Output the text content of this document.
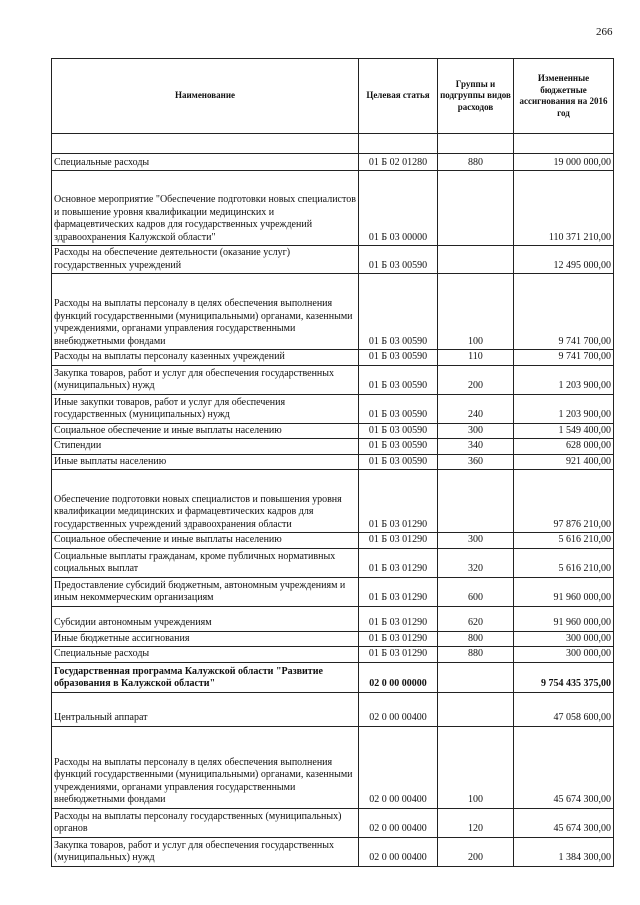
266
Наименование	Целевая статья	Группы и подгруппы видов расходов	Измененные бюджетные ассигнования на 2016 год

Специальные расходы	01 Б 02 01280	880	19 000 000,00
Основное мероприятие "Обеспечение подготовки новых специалистов и повышение уровня квалификации медицинских и фармацевтических кадров для государственных учреждений здравоохранения Калужской области"	01 Б 03 00000		110 371 210,00
Расходы на обеспечение деятельности (оказание услуг) государственных учреждений	01 Б 03 00590		12 495 000,00
Расходы на выплаты персоналу в целях обеспечения выполнения функций государственными (муниципальными) органами, казенными учреждениями, органами управления государственными внебюджетными фондами	01 Б 03 00590	100	9 741 700,00
Расходы на выплаты персоналу казенных учреждений	01 Б 03 00590	110	9 741 700,00
Закупка товаров, работ и услуг для обеспечения государственных (муниципальных) нужд	01 Б 03 00590	200	1 203 900,00
Иные закупки товаров, работ и услуг для обеспечения государственных (муниципальных) нужд	01 Б 03 00590	240	1 203 900,00
Социальное обеспечение и иные выплаты населению	01 Б 03 00590	300	1 549 400,00
Стипендии	01 Б 03 00590	340	628 000,00
Иные выплаты населению	01 Б 03 00590	360	921 400,00
Обеспечение подготовки новых специалистов и повышения уровня квалификации медицинских и фармацевтических кадров для государственных учреждений здравоохранения области	01 Б 03 01290		97 876 210,00
Социальное обеспечение и иные выплаты населению	01 Б 03 01290	300	5 616 210,00
Социальные выплаты гражданам, кроме публичных нормативных социальных выплат	01 Б 03 01290	320	5 616 210,00
Предоставление субсидий бюджетным, автономным учреждениям и иным некоммерческим организациям	01 Б 03 01290	600	91 960 000,00
Субсидии автономным учреждениям	01 Б 03 01290	620	91 960 000,00
Иные бюджетные ассигнования	01 Б 03 01290	800	300 000,00
Специальные расходы	01 Б 03 01290	880	300 000,00
Государственная программа Калужской области "Развитие образования в Калужской области"	02 0 00 00000		9 754 435 375,00
Центральный аппарат	02 0 00 00400		47 058 600,00
Расходы на выплаты персоналу в целях обеспечения выполнения функций государственными (муниципальными) органами, казенными учреждениями, органами управления государственными внебюджетными фондами	02 0 00 00400	100	45 674 300,00
Расходы на выплаты персоналу государственных (муниципальных) органов	02 0 00 00400	120	45 674 300,00
Закупка товаров, работ и услуг для обеспечения государственных (муниципальных) нужд	02 0 00 00400	200	1 384 300,00
